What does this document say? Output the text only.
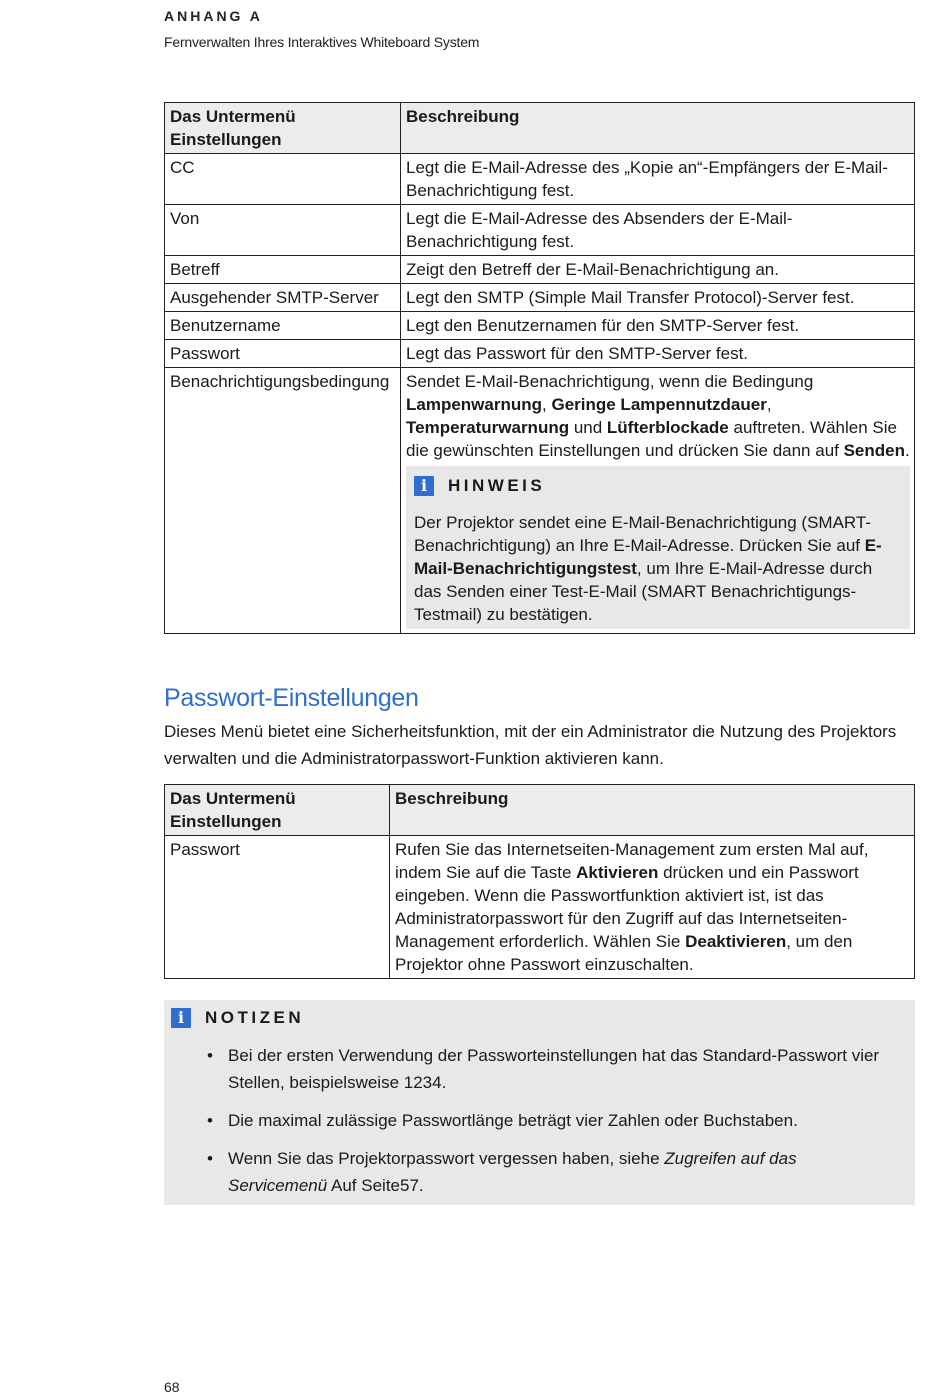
ANHANG A
Fernverwalten Ihres Interaktives Whiteboard System
Das Untermenü Einstellungen	Beschreibung
CC	Legt die E-Mail-Adresse des „Kopie an“-Empfängers der E-Mail-Benachrichtigung fest.
Von	Legt die E-Mail-Adresse des Absenders der E-Mail-Benachrichtigung fest.
Betreff	Zeigt den Betreff der E-Mail-Benachrichtigung an.
Ausgehender SMTP-Server	Legt den SMTP (Simple Mail Transfer Protocol)-Server fest.
Benutzername	Legt den Benutzernamen für den SMTP-Server fest.
Passwort	Legt das Passwort für den SMTP-Server fest.
Benachrichtigungsbedingung	Sendet E-Mail-Benachrichtigung, wenn die Bedingung Lampenwarnung, Geringe Lampennutzdauer, Temperaturwarnung und Lüfterblockade auftreten. Wählen Sie die gewünschten Einstellungen und drücken Sie dann auf Senden.
i HINWEIS
Der Projektor sendet eine E-Mail-Benachrichtigung (SMART-Benachrichtigung) an Ihre E-Mail-Adresse. Drücken Sie auf E-Mail-Benachrichtigungstest, um Ihre E-Mail-Adresse durch das Senden einer Test-E-Mail (SMART Benachrichtigungs-Testmail) zu bestätigen.
Passwort-Einstellungen

Dieses Menü bietet eine Sicherheitsfunktion, mit der ein Administrator die Nutzung des Projektors verwalten und die Administratorpasswort-Funktion aktivieren kann.

Das Untermenü Einstellungen	Beschreibung
Passwort	Rufen Sie das Internetseiten-Management zum ersten Mal auf, indem Sie auf die Taste Aktivieren drücken und ein Passwort eingeben. Wenn die Passwortfunktion aktiviert ist, ist das Administratorpasswort für den Zugriff auf das Internetseiten-Management erforderlich. Wählen Sie Deaktivieren, um den Projektor ohne Passwort einzuschalten.
i	NOTIZEN
• Bei der ersten Verwendung der Passworteinstellungen hat das Standard-Passwort vier Stellen, beispielsweise 1234.
• Die maximal zulässige Passwortlänge beträgt vier Zahlen oder Buchstaben.
• Wenn Sie das Projektorpasswort vergessen haben, siehe Zugreifen auf das Servicemenü Auf Seite57.
68
